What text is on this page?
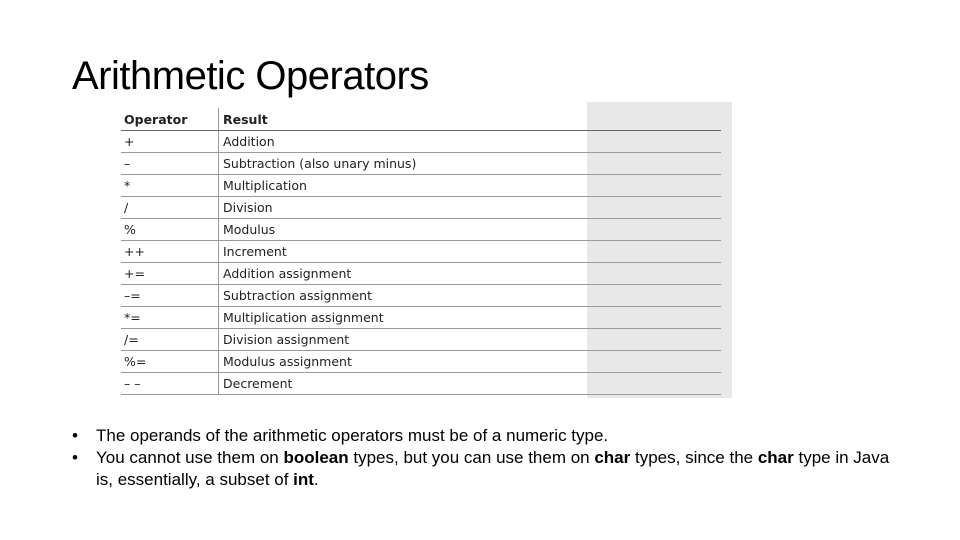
Arithmetic Operators
Operator	Result
+	Addition
–	Subtraction (also unary minus)
*	Multiplication
/	Division
%	Modulus
++	Increment
+=	Addition assignment
–=	Subtraction assignment
*=	Multiplication assignment
/=	Division assignment
%=	Modulus assignment
– –	Decrement
• The operands of the arithmetic operators must be of a numeric type.
• You cannot use them on boolean types, but you can use them on char types, since the char type in Java is, essentially, a subset of int.
